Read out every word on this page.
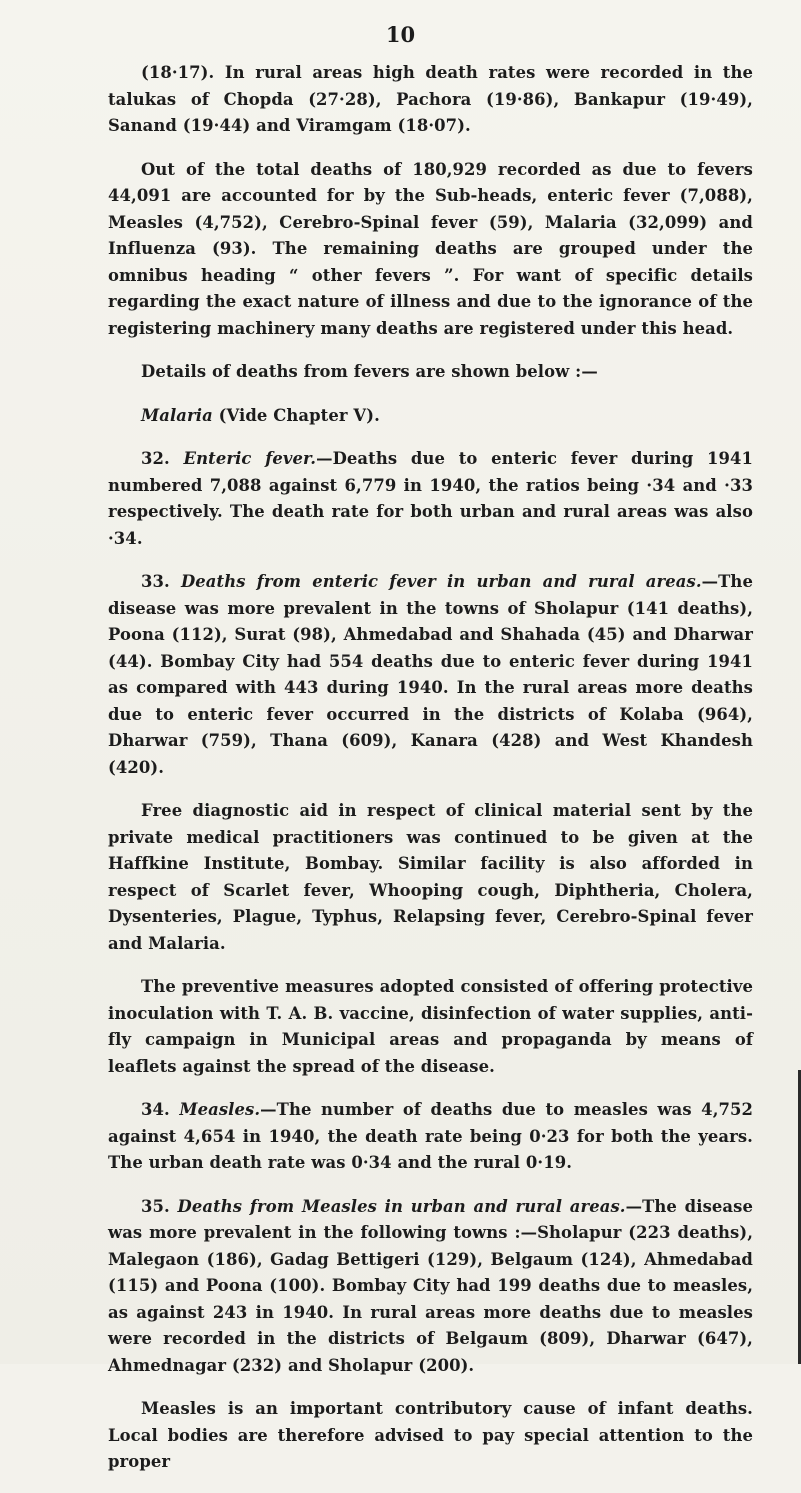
10

(18·17). In rural areas high death rates were recorded in the talukas of Chopda (27·28), Pachora (19·86), Bankapur (19·49), Sanand (19·44) and Viramgam (18·07).

Out of the total deaths of 180,929 recorded as due to fevers 44,091 are accounted for by the Sub-heads, enteric fever (7,088), Measles (4,752), Cerebro-Spinal fever (59), Malaria (32,099) and Influenza (93). The remaining deaths are grouped under the omnibus heading “ other fevers ”. For want of specific details regarding the exact nature of illness and due to the ignorance of the registering machinery many deaths are registered under this head.

Details of deaths from fevers are shown below :—

Malaria (Vide Chapter V).

32. Enteric fever.—Deaths due to enteric fever during 1941 numbered 7,088 against 6,779 in 1940, the ratios being ·34 and ·33 respectively. The death rate for both urban and rural areas was also ·34.

33. Deaths from enteric fever in urban and rural areas.—The disease was more prevalent in the towns of Sholapur (141 deaths), Poona (112), Surat (98), Ahmedabad and Shahada (45) and Dharwar (44). Bombay City had 554 deaths due to enteric fever during 1941 as compared with 443 during 1940. In the rural areas more deaths due to enteric fever occurred in the districts of Kolaba (964), Dharwar (759), Thana (609), Kanara (428) and West Khandesh (420).

Free diagnostic aid in respect of clinical material sent by the private medical practitioners was continued to be given at the Haffkine Institute, Bombay. Similar facility is also afforded in respect of Scarlet fever, Whooping cough, Diphtheria, Cholera, Dysenteries, Plague, Typhus, Relapsing fever, Cerebro-Spinal fever and Malaria.

The preventive measures adopted consisted of offering protective inoculation with T. A. B. vaccine, disinfection of water supplies, anti-fly campaign in Municipal areas and propaganda by means of leaflets against the spread of the disease.

34. Measles.—The number of deaths due to measles was 4,752 against 4,654 in 1940, the death rate being 0·23 for both the years. The urban death rate was 0·34 and the rural 0·19.

35. Deaths from Measles in urban and rural areas.—The disease was more prevalent in the following towns :—Sholapur (223 deaths), Malegaon (186), Gadag Bettigeri (129), Belgaum (124), Ahmedabad (115) and Poona (100). Bombay City had 199 deaths due to measles, as against 243 in 1940. In rural areas more deaths due to measles were recorded in the districts of Belgaum (809), Dharwar (647), Ahmednagar (232) and Sholapur (200).

Measles is an important contributory cause of infant deaths. Local bodies are therefore advised to pay special attention to the proper
